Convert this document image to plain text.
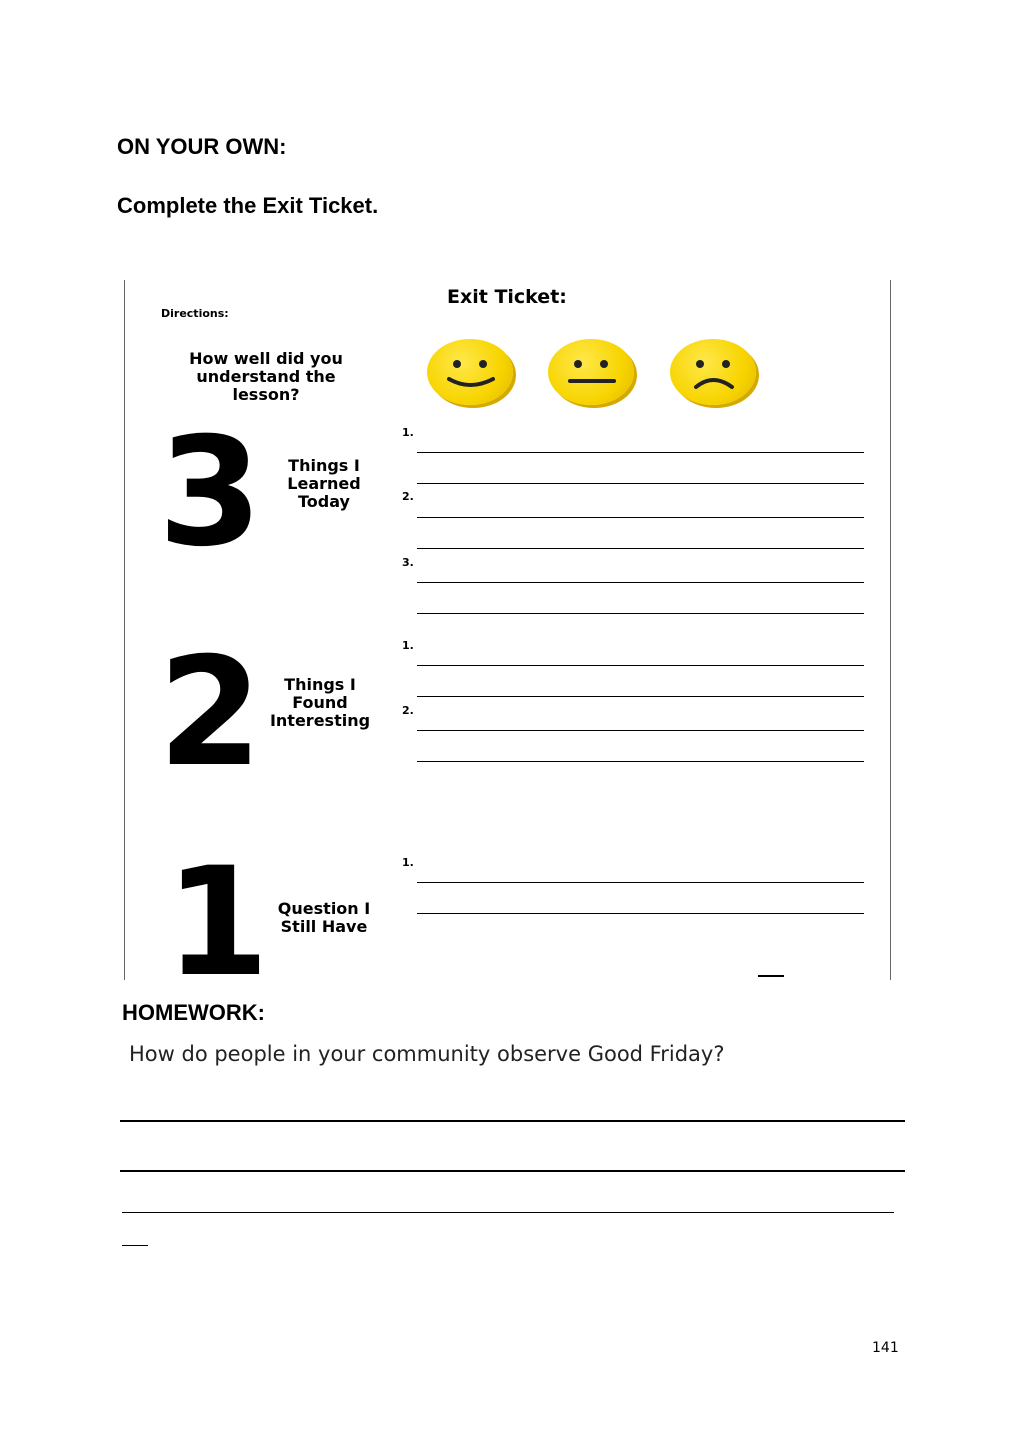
ON YOUR OWN:
Complete the Exit Ticket.
Exit Ticket:
Directions:
How well did you understand the lesson?
3	Things I Learned Today
1.
2.
3.
2	Things I Found Interesting
1.
2.
1 Question I Still Have
1.
HOMEWORK:
How do people in your community observe Good Friday?
141
